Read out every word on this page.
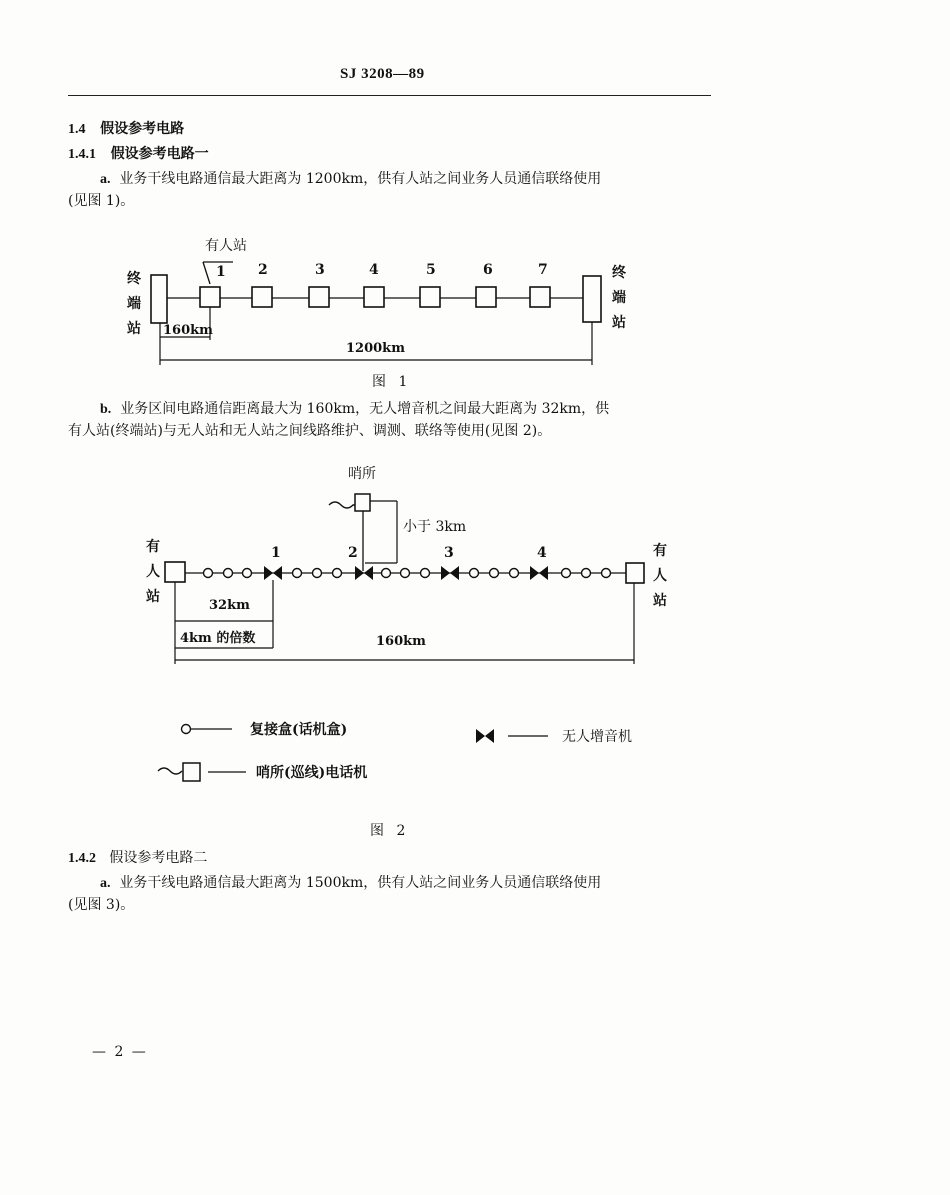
SJ 3208—89
1.4 假设参考电路
1.4.1 假设参考电路一
a. 业务干线电路通信最大距离为 1200km，供有人站之间业务人员通信联络使用
(见图 1)。
有人站
终
端
站
终
端
站
1 2	3	4	5	6	7
160km
1200km
图 1
b. 业务区间电路通信距离最大为 160km，无人增音机之间最大距离为 32km，供
有人站(终端站)与无人站和无人站之间线路维护、调测、联络等使用(见图 2)。
哨所
小于 3km
有
人
站
有
人
站
1	2	3	4
32km
4km 的倍数	160km
复接盒(话机盒)	无人增音机
哨所(巡线)电话机
图 2
1.4.2 假设参考电路二
a. 业务干线电路通信最大距离为 1500km，供有人站之间业务人员通信联络使用
(见图 3)。
— 2 —
